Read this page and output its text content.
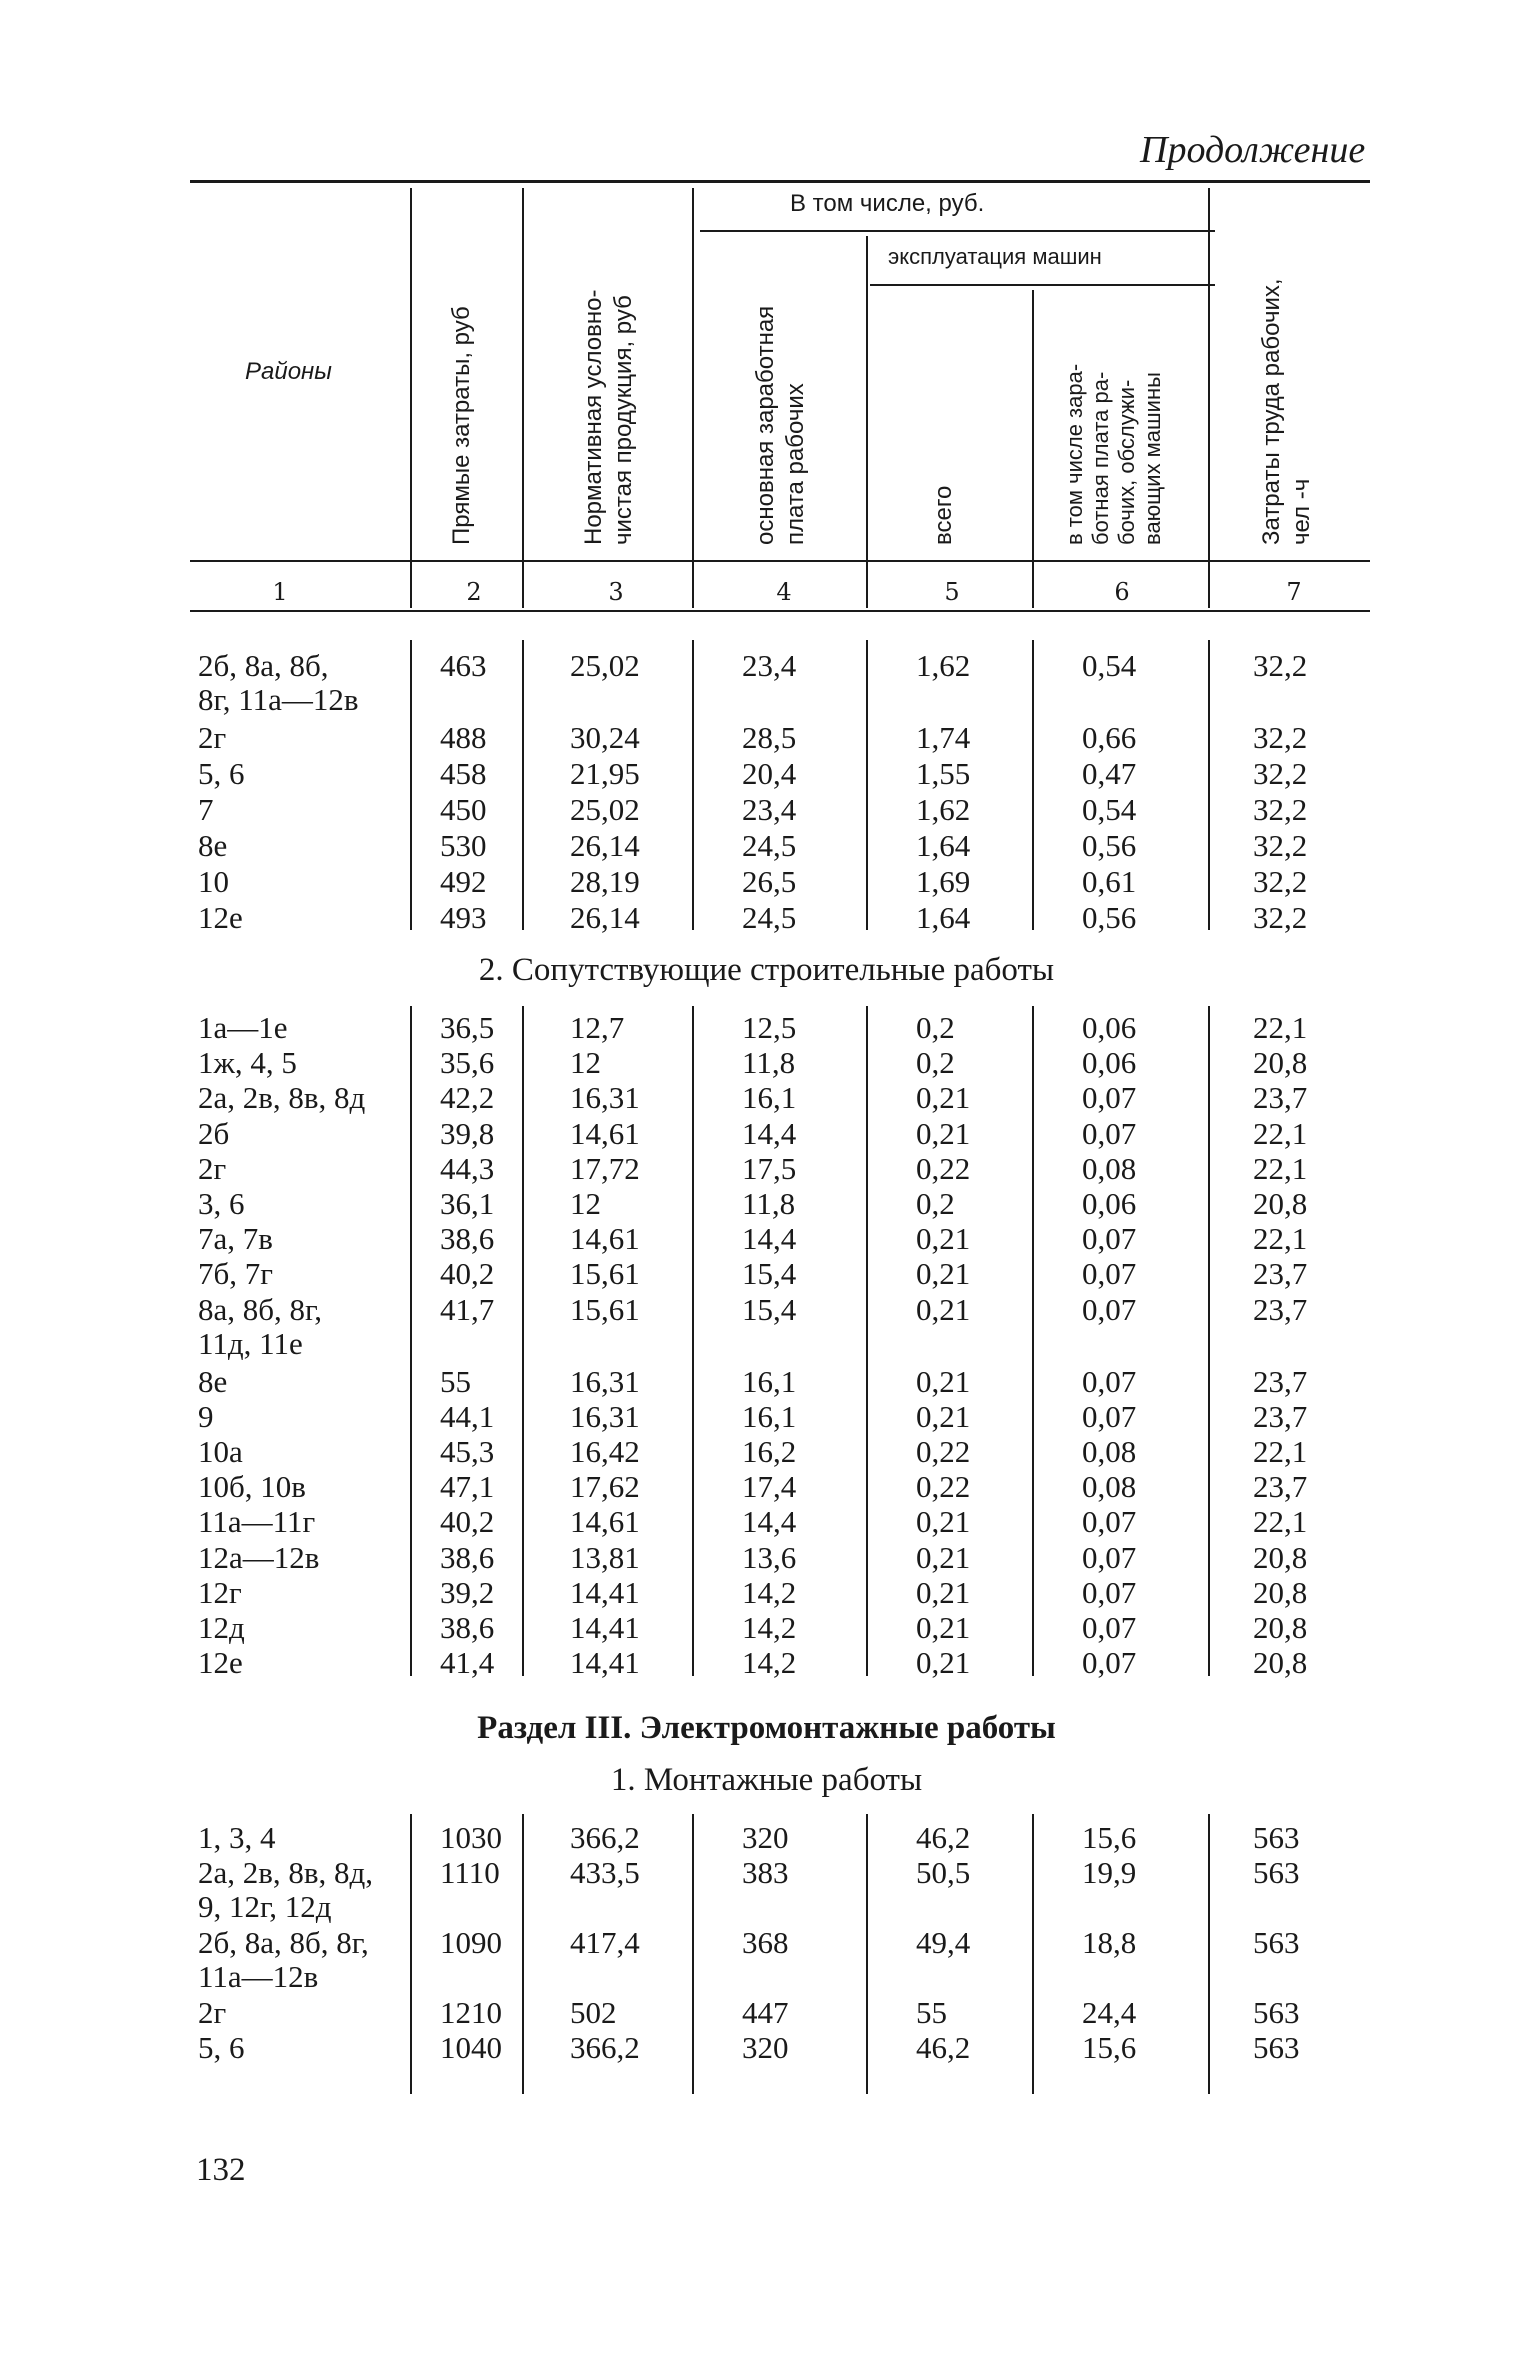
Продолжение
Районы	Прямые затраты, руб	Нормативная условно- чистая продукция, руб
В том числе, руб.
основная заработная плата рабочих
эксплуатация машин
всего	в том числе зара- ботная плата ра- бочих, обслужи- вающих машины	Затраты труда рабочих, чел -ч
1	2	3	4	5	6	7
2б, 8а, 8б,	463	25,02	23,4	1,62	0,54	32,2
8г, 11а—12в
2г	488	30,24	28,5	1,74	0,66	32,2
5, 6	458	21,95	20,4	1,55	0,47	32,2
7	450	25,02	23,4	1,62	0,54	32,2
8е	530	26,14	24,5	1,64	0,56	32,2
10	492	28,19	26,5	1,69	0,61	32,2
12е	493	26,14	24,5	1,64	0,56	32,2
2. Сопутствующие строительные работы
1а—1е	36,5 12,7	12,5	0,2	0,06	22,1
1ж, 4, 5	35,6 12	11,8	0,2	0,06	20,8
2а, 2в, 8в, 8д 42,2 16,31	16,1	0,21	0,07	23,7
2б	39,8 14,61	14,4	0,21	0,07	22,1
2г	44,3 17,72	17,5	0,22	0,08	22,1
3, 6	36,1 12	11,8	0,2	0,06	20,8
7а, 7в	38,6 14,61	14,4	0,21	0,07	22,1
7б, 7г	40,2 15,61	15,4	0,21	0,07	23,7
8а, 8б, 8г,	41,7 15,61	15,4	0,21	0,07	23,7
11д, 11е
8е	55	16,31	16,1	0,21	0,07	23,7
9	44,1 16,31	16,1	0,21	0,07	23,7
10а	45,3 16,42	16,2	0,22	0,08	22,1
10б, 10в	47,1 17,62	17,4	0,22	0,08	23,7
11а—11г	40,2 14,61	14,4	0,21	0,07	22,1
12а—12в	38,6 13,81	13,6	0,21	0,07	20,8
12г	39,2 14,41	14,2	0,21	0,07	20,8
12д	38,6 14,41	14,2	0,21	0,07	20,8
12е	41,4 14,41	14,2	0,21	0,07	20,8
Раздел III. Электромонтажные работы
1. Монтажные работы
1, 3, 4	1030 366,2	320	46,2	15,6	563
2а, 2в, 8в, 8д, 1110 433,5	383	50,5	19,9	563
9, 12г, 12д
2б, 8а, 8б, 8г, 1090 417,4	368	49,4	18,8	563
11а—12в
2г	1210 502	447	55	24,4	563
5, 6	1040 366,2	320	46,2	15,6	563
132
